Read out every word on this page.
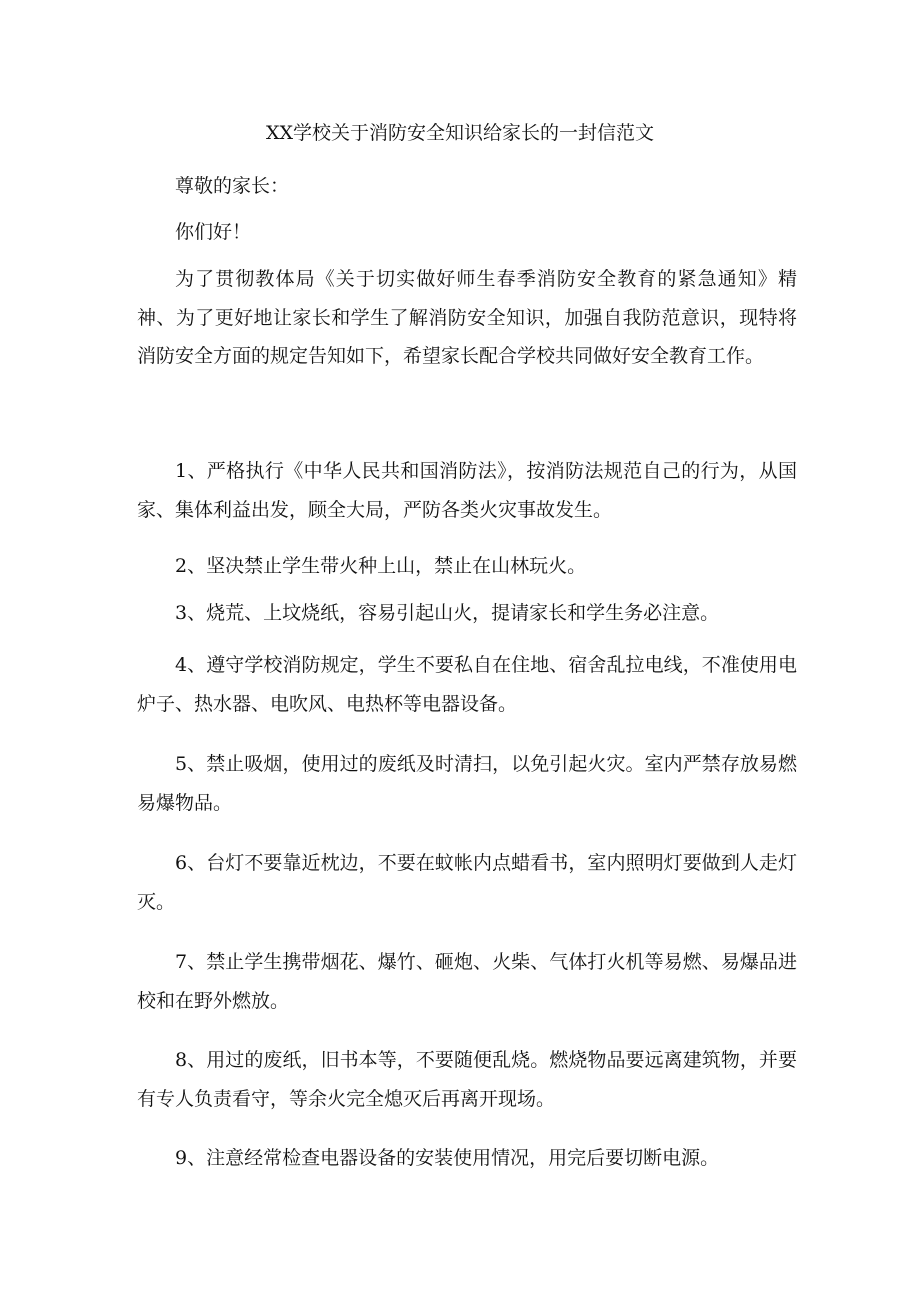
XX学校关于消防安全知识给家长的一封信范文

尊敬的家长：

你们好！

为了贯彻教体局《关于切实做好师生春季消防安全教育的紧急通知》精神、为了更好地让家长和学生了解消防安全知识，加强自我防范意识，现特将消防安全方面的规定告知如下，希望家长配合学校共同做好安全教育工作。

1、严格执行《中华人民共和国消防法》，按消防法规范自己的行为，从国家、集体利益出发，顾全大局，严防各类火灾事故发生。

2、坚决禁止学生带火种上山，禁止在山林玩火。

3、烧荒、上坟烧纸，容易引起山火，提请家长和学生务必注意。

4、遵守学校消防规定，学生不要私自在住地、宿舍乱拉电线，不准使用电炉子、热水器、电吹风、电热杯等电器设备。

5、禁止吸烟，使用过的废纸及时清扫，以免引起火灾。室内严禁存放易燃易爆物品。

6、台灯不要靠近枕边，不要在蚊帐内点蜡看书，室内照明灯要做到人走灯灭。

7、禁止学生携带烟花、爆竹、砸炮、火柴、气体打火机等易燃、易爆品进校和在野外燃放。

8、用过的废纸，旧书本等，不要随便乱烧。燃烧物品要远离建筑物，并要有专人负责看守，等余火完全熄灭后再离开现场。

9、注意经常检查电器设备的安装使用情况，用完后要切断电源。
